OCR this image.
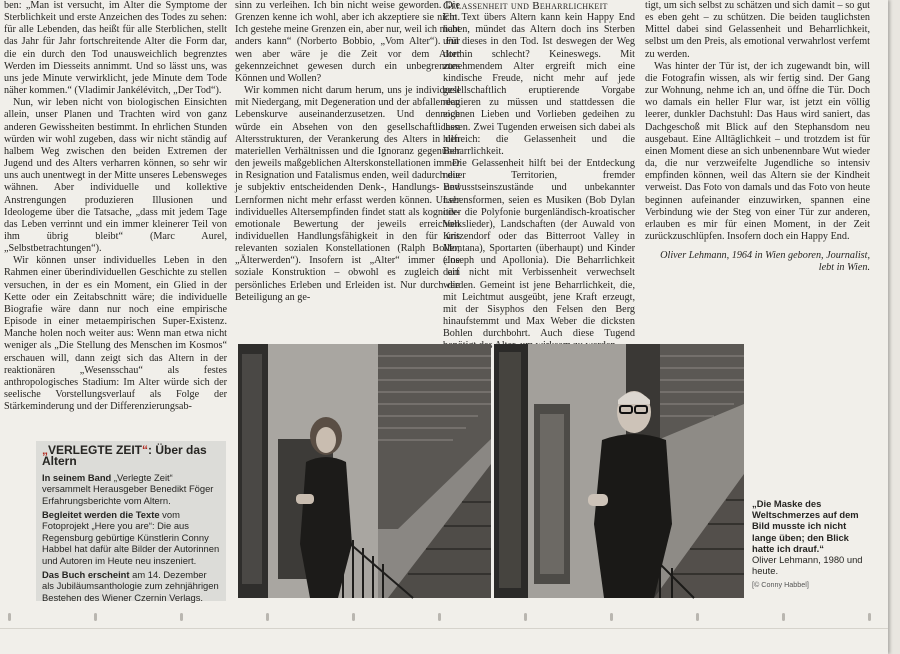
ben: „Man ist versucht, im Alter die Symptome der Sterblichkeit und erste Anzeichen des Todes zu sehen: für alle Lebenden, das heißt für alle Sterblichen, stellt das Jahr für Jahr fortschreitende Alter die Form dar, die ein durch den Tod unausweichlich begrenztes Werden im Diesseits annimmt. Und so lässt uns, was uns jede Minute verwirklicht, jede Minute dem Tode näher kommen.“ (Vladimir Jankélévitch, „Der Tod“).

Nun, wir leben nicht von biologischen Einsichten allein, unser Planen und Trachten wird von ganz anderen Gewissheiten bestimmt. In ehrlichen Stunden würden wir wohl zugeben, dass wir nicht ständig auf halbem Weg zwischen den beiden Extremen der Jugend und des Alters verharren können, so sehr wir uns auch unentwegt in der Mitte unseres Lebensweges wähnen. Aber individuelle und kollektive Anstrengungen produzieren Illusionen und Ideologeme über die Tatsache, „dass mit jedem Tage das Leben verrinnt und ein immer kleinerer Teil von ihm übrig bleibt“ (Marc Aurel, „Selbstbetrachtungen“).

Wir können unser individuelles Leben in den Rahmen einer überindividuellen Geschichte zu stellen versuchen, in der es ein Moment, ein Glied in der Kette oder ein Zeitabschnitt wäre; die individuelle Biografie wäre dann nur noch eine empirische Episode in einer metaempirischen Super-Existenz. Manche holen noch weiter aus: Wenn man etwa nicht weniger als „Die Stellung des Menschen im Kosmos“ erschauen will, dann zeigt sich das Altern in der reaktionären „Wesensschau“ als festes anthropologisches Stadium: Im Alter würde sich der seelische Vorstellungsverlauf als Folge der Stärkeminderung und der Differenzierungsab-

sinn zu verleihen. Ich bin nicht weise geworden. Die Grenzen kenne ich wohl, aber ich akzeptiere sie nicht. Ich gestehe meine Grenzen ein, aber nur, weil ich nicht anders kann“ (Norberto Bobbio, „Vom Alter“). Für wen aber wäre je die Zeit vor dem Alter gekennzeichnet gewesen durch ein unbegrenztes Können und Wollen?

Wir kommen nicht darum herum, uns je individuell mit Niedergang, mit Degeneration und der abfallenden Lebenskurve auseinanderzusetzen. Und dennoch würde ein Absehen von den gesellschaftlichen Altersstrukturen, der Verankerung des Alters in den materiellen Verhältnissen und die Ignoranz gegenüber den jeweils maßgeblichen Alterskonstellationen immer in Resignation und Fatalismus enden, weil dadurch die je subjektiv entscheidenden Denk-, Handlungs- und Lernformen nicht mehr erfasst werden können. Unser individuelles Altersempfinden findet statt als kognitiv-emotionale Bewertung der jeweils erreichten individuellen Handlungsfähigkeit in den für uns relevanten sozialen Konstellationen (Ralph Boller, „Älterwerden“). Insofern ist „Alter“ immer eine soziale Konstruktion – obwohl es zugleich ein persönliches Erleben und Erleiden ist. Nur durch die Beteiligung an ge-

Gelassenheit und Beharrlichkeit

Ein Text übers Altern kann kein Happy End haben, mündet das Altern doch ins Sterben und dieses in den Tod. Ist deswegen der Weg dorthin schlecht? Keineswegs. Mit zunehmendem Alter ergreift mich eine kindische Freude, nicht mehr auf jede gesellschaftlich eruptierende Vorgabe reagieren zu müssen und stattdessen die eigenen Lieben und Vorlieben gedeihen zu lassen. Zwei Tugenden erweisen sich dabei als hilfreich: die Gelassenheit und die Beharrlichkeit.

Die Gelassenheit hilft bei der Entdeckung neuer Territorien, fremder Bewusstseinszustände und unbekannter Lebensformen, seien es Musiken (Bob Dylan oder die Polyfonie burgenländisch-kroatischer Volkslieder), Landschaften (der Auwald von Kritzendorf oder das Bitterroot Valley in Montana), Sportarten (überhaupt) und Kinder (Joseph und Apollonia). Die Beharrlichkeit darf nicht mit Verbissenheit verwechselt werden. Gemeint ist jene Beharrlichkeit, die, mit Leichtmut ausgeübt, jene Kraft erzeugt, mit der Sisyphos den Felsen den Berg hinaufstemmt und Max Weber die dicksten Bohlen durchbohrt. Auch diese Tugend

tigt, um sich selbst zu schätzen und sich damit – so gut es eben geht – zu schützen. Die beiden tauglichsten Mittel dabei sind Gelassenheit und Beharrlichkeit, selbst um den Preis, als emotional verwahrlost verfemt zu werden.

Was hinter der Tür ist, der ich zugewandt bin, will die Fotografin wissen, als wir fertig sind. Der Gang zur Wohnung, nehme ich an, und öffne die Tür. Doch wo damals ein heller Flur war, ist jetzt ein völlig leerer, dunkler Dachstuhl: Das Haus wird saniert, das Dachgeschoß mit Blick auf den Stephansdom neu ausgebaut. Eine Alltäglichkeit – und trotzdem ist für einen Moment diese an sich unbenennbare Wut wieder da, die nur verzweifelte Jugendliche so intensiv empfinden können, weil das Altern sie der Kindheit verweist. Das Foto von damals und das Foto von heute beginnen aufeinander einzuwirken, spannen eine Verbindung wie der Steg von einer Tür zur anderen, erlauben es mir für einen Moment, in der Zeit zurückzuschlüpfen. Insofern doch ein Happy End.

Oliver Lehmann, 1964 in Wien geboren, Journalist, lebt in Wien.

„VERLEGTE ZEIT“: Über das Altern

In seinem Band „Verlegte Zeit“ versammelt Herausgeber Benedikt Föger Erfahrungsberichte vom Altern.

Begleitet werden die Texte vom Fotoprojekt „Here you are“: Die aus Regensburg gebürtige Künstlerin Conny Habbel hat dafür alte Bilder der Autorinnen und Autoren im Heute neu inszeniert.

Das Buch erscheint am 14. Dezember als Jubiläumsanthologie zum zehnjährigen Bestehen des Wiener Czernin Verlags.

„Die Maske des Weltschmerzes auf dem Bild musste ich nicht lange üben; den Blick hatte ich drauf.“
Oliver Lehmann, 1980 und heute.
[© Conny Habbel]
